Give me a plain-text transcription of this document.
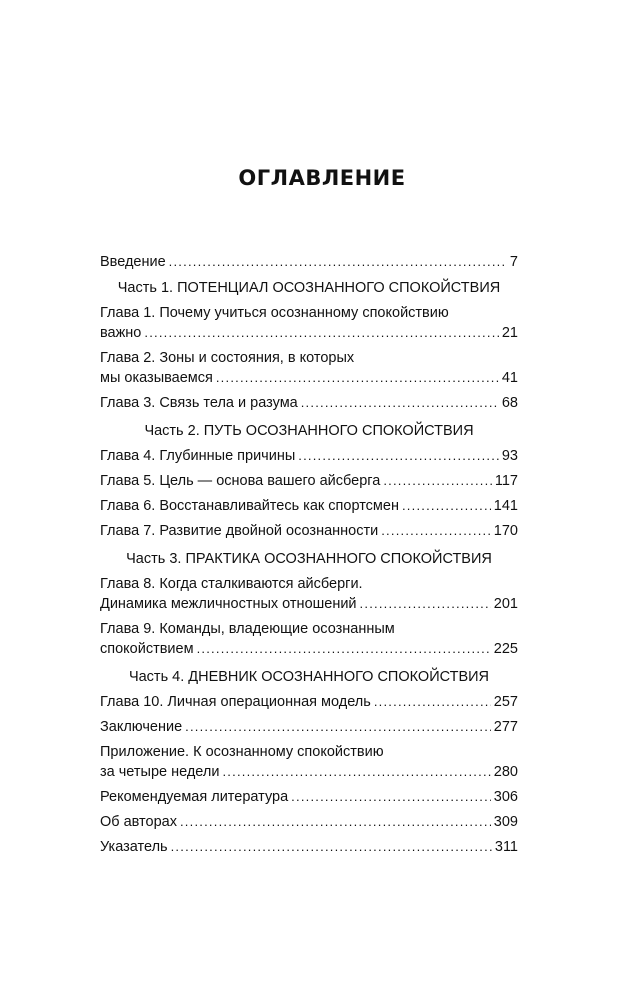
ОГЛАВЛЕНИЕ
Введение . . .	7
Часть 1. ПОТЕНЦИАЛ ОСОЗНАННОГО СПОКОЙСТВИЯ
Глава 1. Почему учиться осознанному спокойствию
важно . . .	21
Глава 2. Зоны и состояния, в которых
мы оказываемся . . .	41
Глава 3. Связь тела и разума . . .	68
Часть 2. ПУТЬ ОСОЗНАННОГО СПОКОЙСТВИЯ
Глава 4. Глубинные причины . . .	93
Глава 5. Цель — основа вашего айсберга . . .	117
Глава 6. Восстанавливайтесь как спортсмен . . .	141
Глава 7. Развитие двойной осознанности . . .	170
Часть 3. ПРАКТИКА ОСОЗНАННОГО СПОКОЙСТВИЯ
Глава 8. Когда сталкиваются айсберги.
Динамика межличностных отношений . . .	201
Глава 9. Команды, владеющие осознанным
спокойствием . . .	225
Часть 4. ДНЕВНИК ОСОЗНАННОГО СПОКОЙСТВИЯ
Глава 10. Личная операционная модель . . .	257
Заключение . . .	277
Приложение. К осознанному спокойствию
за четыре недели . . .	280
Рекомендуемая литература . . .	306
Об авторах . . .	309
Указатель . . .	311
